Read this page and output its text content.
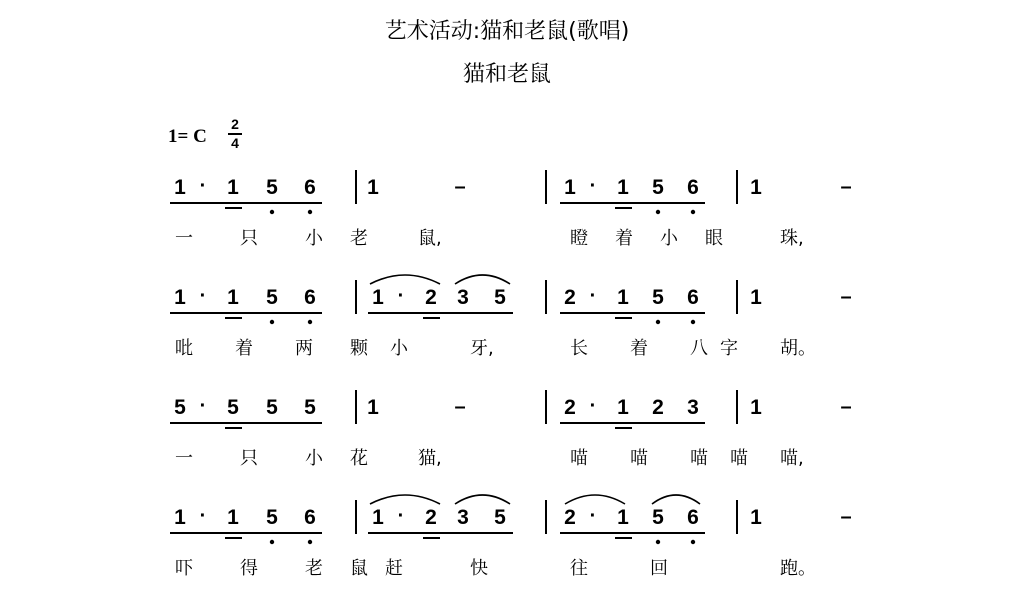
艺术活动:猫和老鼠(歌唱)
猫和老鼠
1= C
2
4
1 · 1 5 6 1	–	1 · 1 5 6 1	–
一	只	小 老	鼠,	瞪 着 小 眼	珠,
1 · 1 5 6	1 · 2 3 5	2 · 1 5 6 1	–
吡 着 两 颗 小	牙,	长 着 八 字 胡。
5 · 5 5 5 1	–	2 · 1 2 3 1	–
一	只	小 花	猫,	喵 喵 喵 喵 喵,
1 · 1 5 6	1 · 2 3 5	2 · 1 5 6 1	–
吓	得	老 鼠 赶	快	往	回	跑。
